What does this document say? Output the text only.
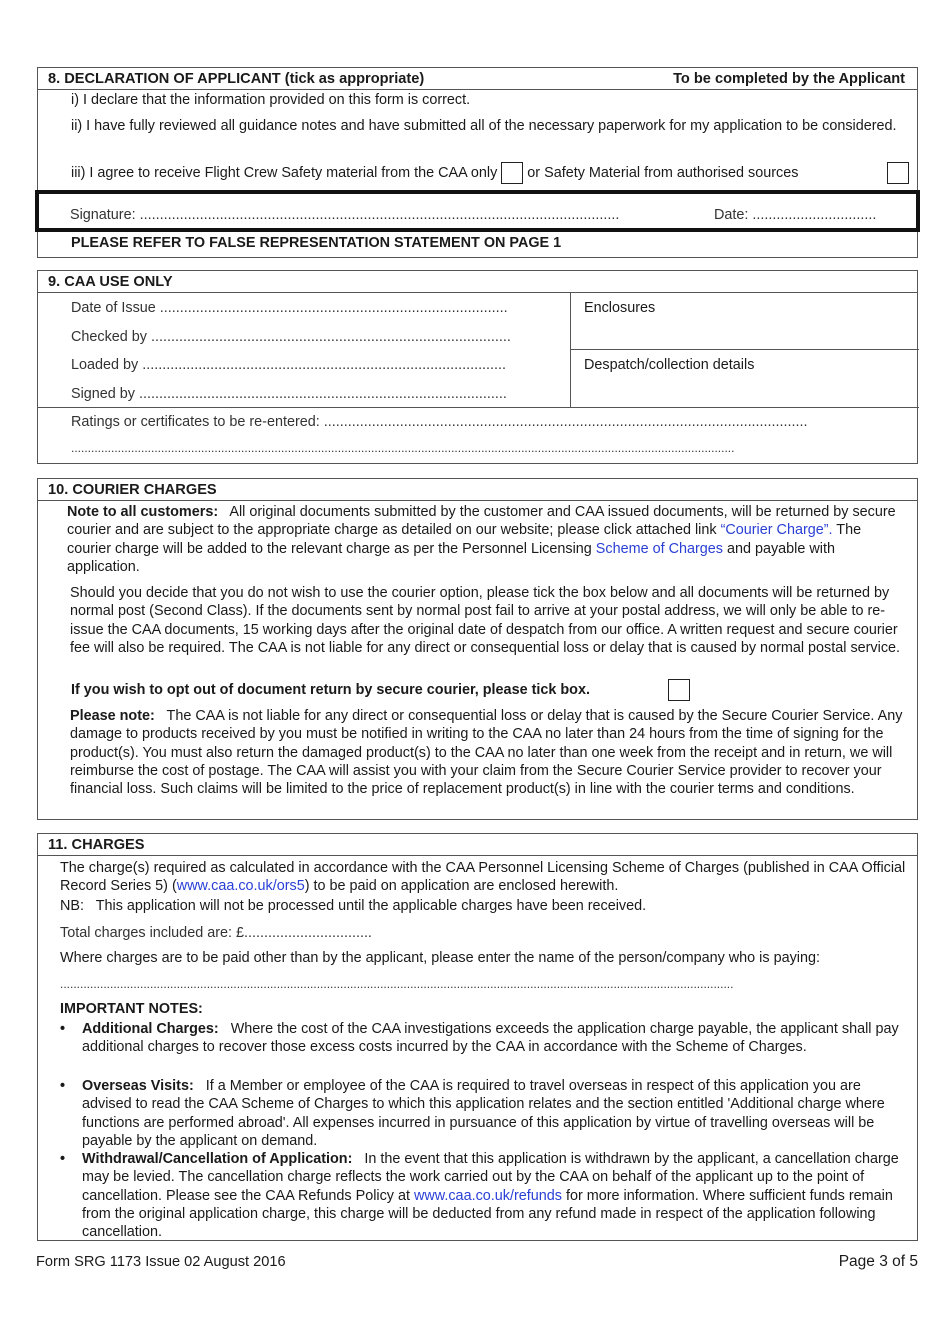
8. DECLARATION OF APPLICANT (tick as appropriate)	To be completed by the Applicant
i) I declare that the information provided on this form is correct.
ii) I have fully reviewed all guidance notes and have submitted all of the necessary paperwork for my application to be considered.
iii) I agree to receive Flight Crew Safety material from the CAA only or Safety Material from authorised sources
Signature: ........................................................................................................................	Date: ...............................
PLEASE REFER TO FALSE REPRESENTATION STATEMENT ON PAGE 1
9. CAA USE ONLY
Date of Issue .......................................................................................
Checked by ..........................................................................................
Loaded by ...........................................................................................
Signed by ............................................................................................
Enclosures
Despatch/collection details
Ratings or certificates to be re-entered: .........................................................................................................................
.......................................................................................................................................................................................................
10. COURIER CHARGES

Note to all customers: All original documents submitted by the customer and CAA issued documents, will be returned by secure courier and are subject to the appropriate charge as detailed on our website; please click attached link “Courier Charge”. The courier charge will be added to the relevant charge as per the Personnel Licensing Scheme of Charges and payable with application.

Should you decide that you do not wish to use the courier option, please tick the box below and all documents will be returned by normal post (Second Class). If the documents sent by normal post fail to arrive at your postal address, we will only be able to re-issue the CAA documents, 15 working days after the original date of despatch from our office. A written request and secure courier fee will also be required. The CAA is not liable for any direct or consequential loss or delay that is caused by normal postal service.

If you wish to opt out of document return by secure courier, please tick box.

Please note: The CAA is not liable for any direct or consequential loss or delay that is caused by the Secure Courier Service. Any damage to products received by you must be notified in writing to the CAA no later than 24 hours from the time of signing for the product(s). You must also return the damaged product(s) to the CAA no later than one week from the receipt and in return, we will reimburse the cost of postage. The CAA will assist you with your claim from the Secure Courier Service provider to recover your financial loss. Such claims will be limited to the price of replacement product(s) in line with the courier terms and conditions.

11. CHARGES

The charge(s) required as calculated in accordance with the CAA Personnel Licensing Scheme of Charges (published in CAA Official Record Series 5) (www.caa.co.uk/ors5) to be paid on application are enclosed herewith.

NB:   This application will not be processed until the applicable charges have been received.
Total charges included are: £................................
Where charges are to be paid other than by the applicant, please enter the name of the person/company who is paying:
..........................................................................................................................................................................................................
IMPORTANT NOTES:
• Additional Charges: Where the cost of the CAA investigations exceeds the application charge payable, the applicant shall pay additional charges to recover those excess costs incurred by the CAA in accordance with the Scheme of Charges.

• Overseas Visits: If a Member or employee of the CAA is required to travel overseas in respect of this application you are advised to read the CAA Scheme of Charges to which this application relates and the section entitled 'Additional charge where functions are performed abroad'. All expenses incurred in pursuance of this application by virtue of travelling overseas will be payable by the applicant on demand.

• Withdrawal/Cancellation of Application: In the event that this application is withdrawn by the applicant, a cancellation charge may be levied. The cancellation charge reflects the work carried out by the CAA on behalf of the applicant up to the point of cancellation. Please see the CAA Refunds Policy at www.caa.co.uk/refunds for more information. Where sufficient funds remain from the original application charge, this charge will be deducted from any refund made in respect of the application following cancellation.

Form SRG 1173 Issue 02 August 2016	Page 3 of 5
